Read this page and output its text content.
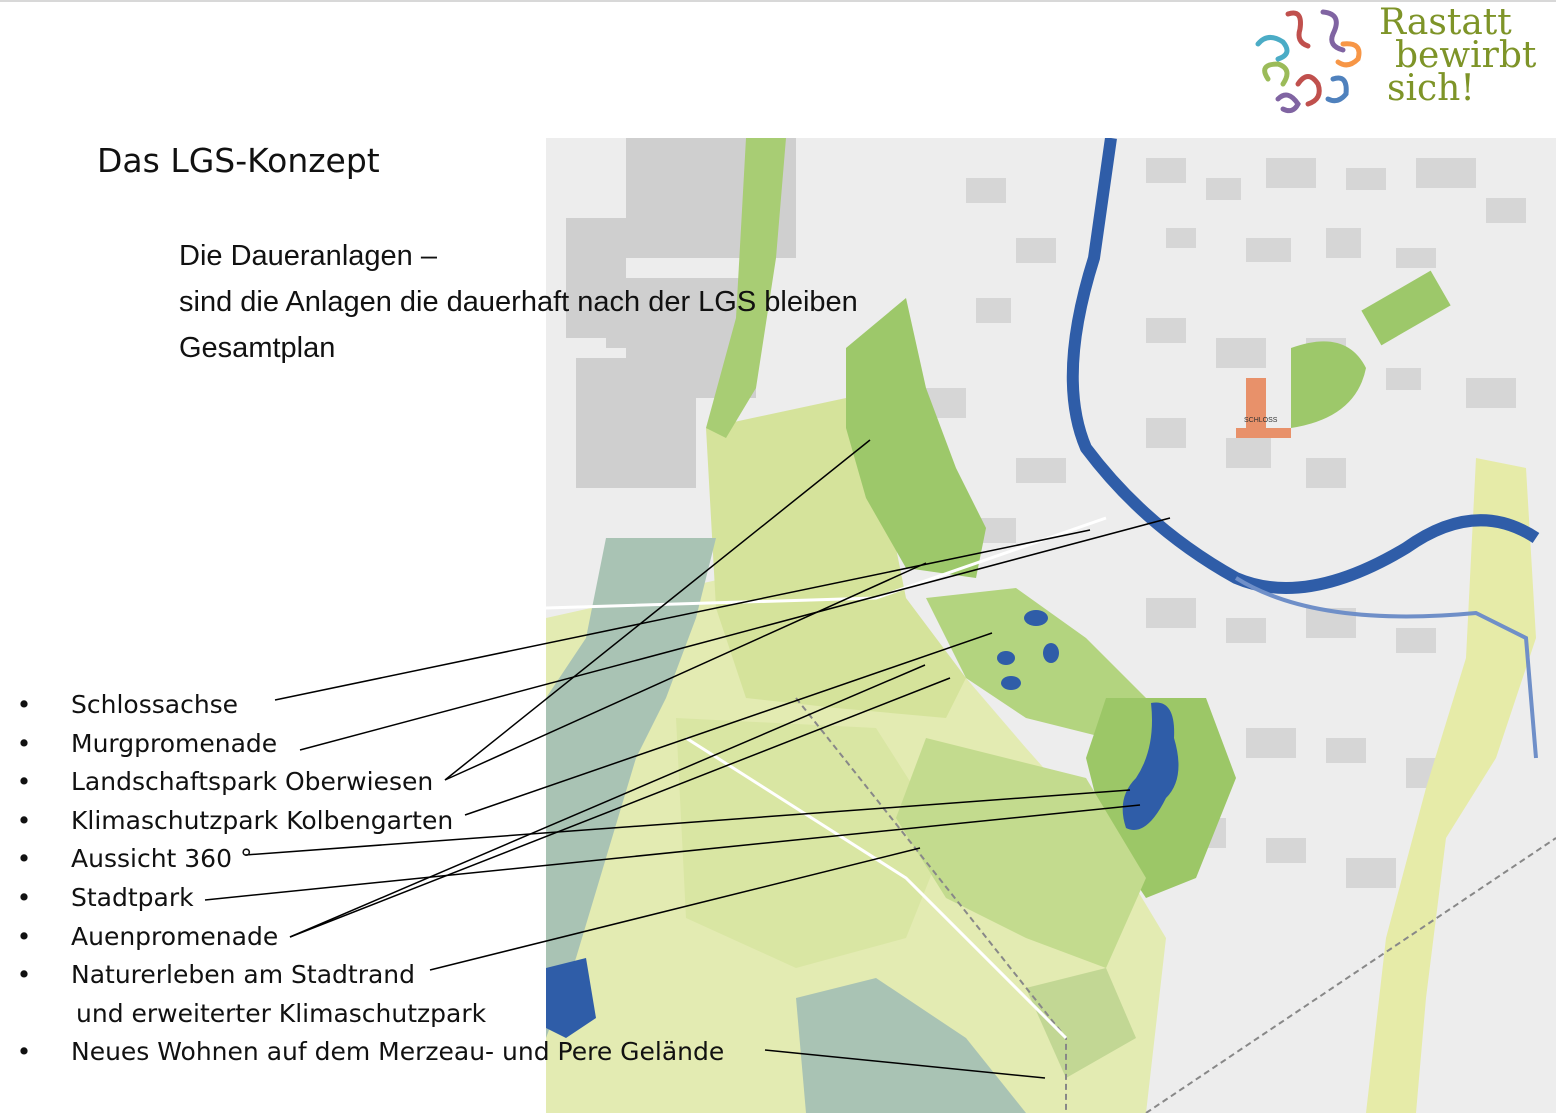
SCHLOSS
Das LGS-Konzept
Die Daueranlagen –
sind die Anlagen die dauerhaft nach der LGS bleiben
Gesamtplan
Rastatt
bewirbt
sich!
• Schlossachse
• Murgpromenade
• Landschaftspark Oberwiesen
• Klimaschutzpark Kolbengarten
• Aussicht 360 °
• Stadtpark
• Auenpromenade
• Naturerleben am Stadtrand
und erweiterter Klimaschutzpark
• Neues Wohnen auf dem Merzeau- und Pere Gelände
